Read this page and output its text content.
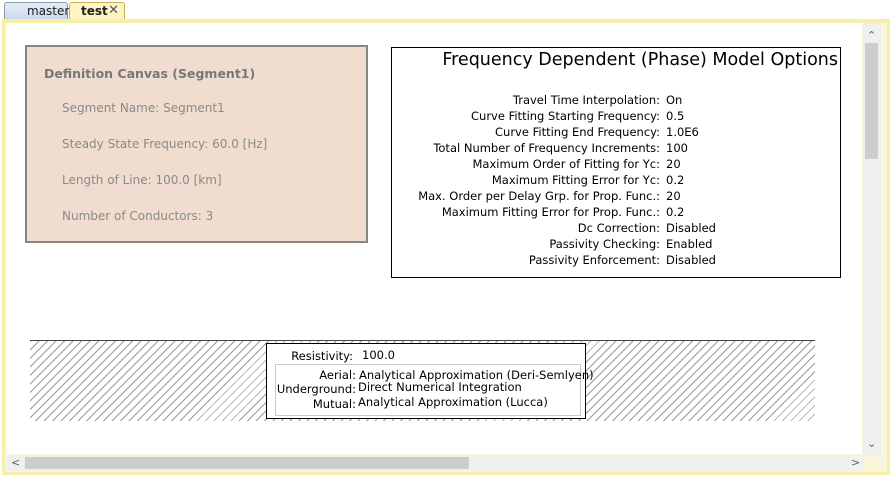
master test ✕
Definition Canvas (Segment1)
Segment Name: Segment1
Steady State Frequency: 60.0 [Hz]
Length of Line: 100.0 [km]
Number of Conductors: 3
Frequency Dependent (Phase) Model Options
Travel Time Interpolation: On
Curve Fitting Starting Frequency: 0.5
Curve Fitting End Frequency: 1.0E6
Total Number of Frequency Increments: 100
Maximum Order of Fitting for Yc: 20
Maximum Fitting Error for Yc: 0.2
Max. Order per Delay Grp. for Prop. Func.: 20
Maximum Fitting Error for Prop. Func.: 0.2
Dc Correction: Disabled
Passivity Checking: Enabled
Passivity Enforcement: Disabled
Resistivity: 100.0
Aerial: Analytical Approximation (Deri-Semlyen)
Underground: Direct Numerical Integration
Mutual: Analytical Approximation (Lucca)
⌃
⌄
<	>
